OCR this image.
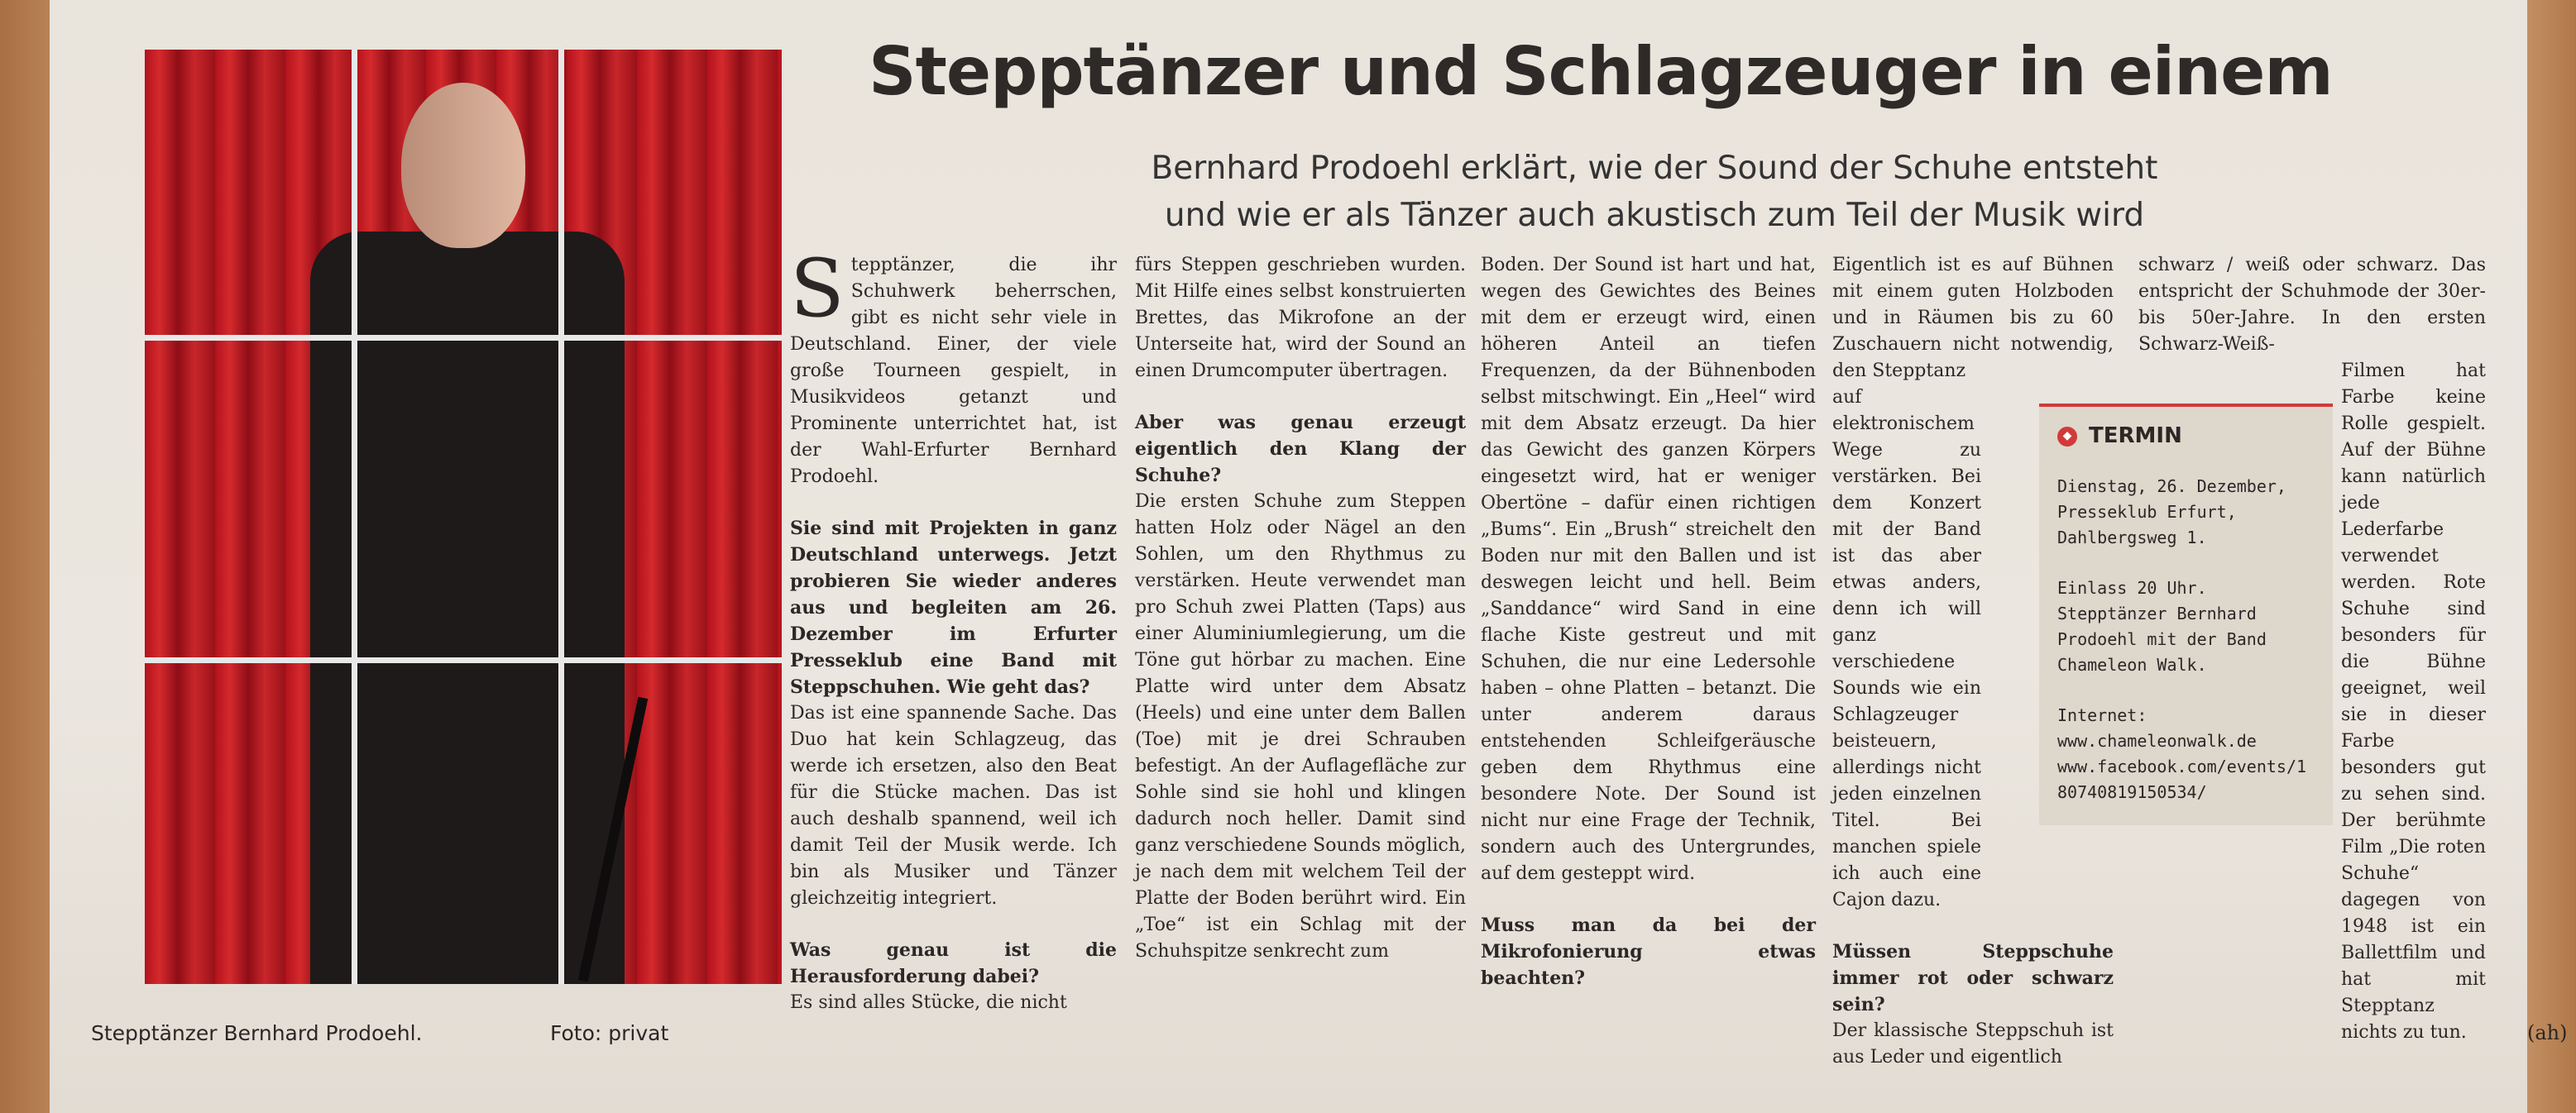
Stepptänzer Bernhard Prodoehl.	Foto: privat
Stepptänzer und Schlagzeuger in einem
Bernhard Prodoehl erklärt, wie der Sound der Schuhe entsteht
und wie er als Tänzer auch akustisch zum Teil der Musik wird

Stepptänzer, die ihr Schuhwerk beherrschen, gibt es nicht sehr viele in Deutschland. Einer, der viele große Tourneen gespielt, in Musikvideos getanzt und Prominente unterrichtet hat, ist der Wahl-Erfurter Bernhard Prodoehl.

Sie sind mit Projekten in ganz Deutschland unterwegs. Jetzt probieren Sie wieder anderes aus und begleiten am 26. Dezember im Erfurter Presseklub eine Band mit Steppschuhen. Wie geht das?

Das ist eine spannende Sache. Das Duo hat kein Schlagzeug, das werde ich ersetzen, also den Beat für die Stücke machen. Das ist auch deshalb spannend, weil ich damit Teil der Musik werde. Ich bin als Musiker und Tänzer gleichzeitig integriert.

Was genau ist die Herausforderung dabei?

Es sind alles Stücke, die nicht

fürs Steppen geschrieben wurden. Mit Hilfe eines selbst konstruierten Brettes, das Mikrofone an der Unterseite hat, wird der Sound an einen Drumcomputer übertragen.

Aber was genau erzeugt eigentlich den Klang der Schuhe?

Die ersten Schuhe zum Steppen hatten Holz oder Nägel an den Sohlen, um den Rhythmus zu verstärken. Heute verwendet man pro Schuh zwei Platten (Taps) aus einer Aluminiumlegierung, um die Töne gut hörbar zu machen. Eine Platte wird unter dem Absatz (Heels) und eine unter dem Ballen (Toe) mit je drei Schrauben befestigt. An der Auflagefläche zur Sohle sind sie hohl und klingen dadurch noch heller. Damit sind ganz verschiedene Sounds möglich, je nach dem mit welchem Teil der Platte der Boden berührt wird. Ein „Toe“ ist ein Schlag mit der Schuhspitze senkrecht zum

Boden. Der Sound ist hart und hat, wegen des Gewichtes des Beines mit dem er erzeugt wird, einen höheren Anteil an tiefen Frequenzen, da der Bühnenboden selbst mitschwingt. Ein „Heel“ wird mit dem Absatz erzeugt. Da hier das Gewicht des ganzen Körpers eingesetzt wird, hat er weniger Obertöne – dafür einen richtigen „Bums“. Ein „Brush“ streichelt den Boden nur mit den Ballen und ist deswegen leicht und hell. Beim „Sanddance“ wird Sand in eine flache Kiste gestreut und mit Schuhen, die nur eine Ledersohle haben – ohne Platten – betanzt. Die unter anderem daraus entstehenden Schleifgeräusche geben dem Rhythmus eine besondere Note. Der Sound ist nicht nur eine Frage der Technik, sondern auch des Untergrundes, auf dem gesteppt wird.

Muss man da bei der Mikrofonierung etwas beachten?

Eigentlich ist es auf Bühnen mit einem guten Holzboden und in Räumen bis zu 60 Zuschauern nicht notwendig, den Stepptanz

auf elektronischem Wege zu verstärken. Bei dem Konzert mit der Band ist das aber etwas anders, denn ich will ganz verschiedene Sounds wie ein Schlagzeuger beisteuern, allerdings nicht jeden einzelnen Titel. Bei manchen spiele ich auch eine Cajon dazu.

Müssen Steppschuhe immer rot oder schwarz sein?

Der klassische Steppschuh ist aus Leder und eigentlich

schwarz / weiß oder schwarz. Das entspricht der Schuhmode der 30er- bis 50er-Jahre. In den ersten Schwarz-Weiß-

Filmen hat Farbe keine Rolle gespielt. Auf der Bühne kann natürlich jede Lederfarbe verwendet werden. Rote Schuhe sind besonders für die Bühne geeignet, weil sie in dieser Farbe besonders gut zu sehen sind. Der berühmte Film „Die roten Schuhe“ dagegen von 1948 ist ein Ballettfilm und hat mit Stepptanz nichts zu tun.	(ah)
◆ TERMIN

Dienstag, 26. Dezember, Presseklub Erfurt, Dahlbergsweg 1.

Einlass 20 Uhr. Stepptänzer Bernhard Prodoehl mit der Band Chameleon Walk.

Internet:
www.chameleonwalk.de
www.facebook.com/events/180740819150534/
